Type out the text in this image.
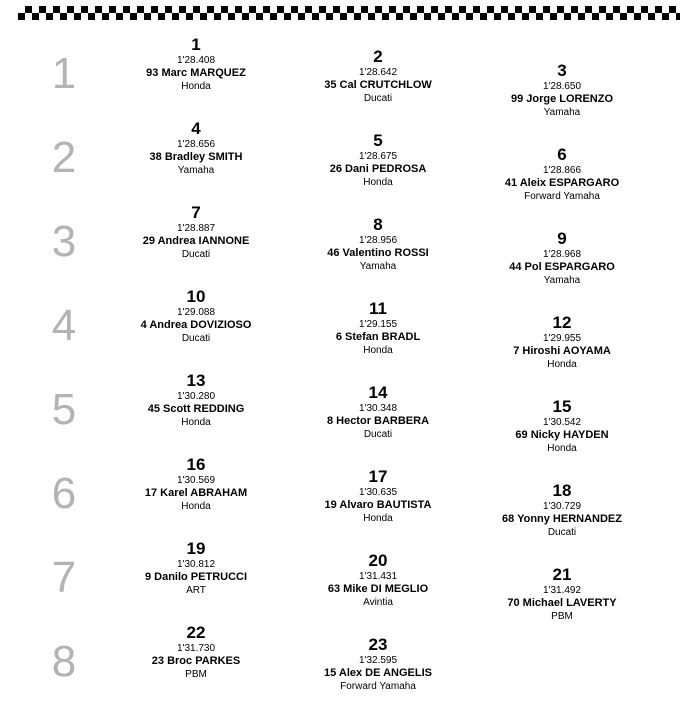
1
2
3
4
5
6
7
8
1
1'28.408
93 Marc MARQUEZ
Honda
2
1'28.642
35 Cal CRUTCHLOW
Ducati
3
1'28.650
99 Jorge LORENZO
Yamaha
4
1'28.656
38 Bradley SMITH
Yamaha
5
1'28.675
26 Dani PEDROSA
Honda
6
1'28.866
41 Aleix ESPARGARO
Forward Yamaha
7
1'28.887
29 Andrea IANNONE
Ducati
8
1'28.956
46 Valentino ROSSI
Yamaha
9
1'28.968
44 Pol ESPARGARO
Yamaha
10
1'29.088
4 Andrea DOVIZIOSO
Ducati
11
1'29.155
6 Stefan BRADL
Honda
12
1'29.955
7 Hiroshi AOYAMA
Honda
13
1'30.280
45 Scott REDDING
Honda
14
1'30.348
8 Hector BARBERA
Ducati
15
1'30.542
69 Nicky HAYDEN
Honda
16
1'30.569
17 Karel ABRAHAM
Honda
17
1'30.635
19 Alvaro BAUTISTA
Honda
18
1'30.729
68 Yonny HERNANDEZ
Ducati
19
1'30.812
9 Danilo PETRUCCI
ART
20
1'31.431
63 Mike DI MEGLIO
Avintia
21
1'31.492
70 Michael LAVERTY
PBM
22
1'31.730
23 Broc PARKES
PBM
23
1'32.595
15 Alex DE ANGELIS
Forward Yamaha
